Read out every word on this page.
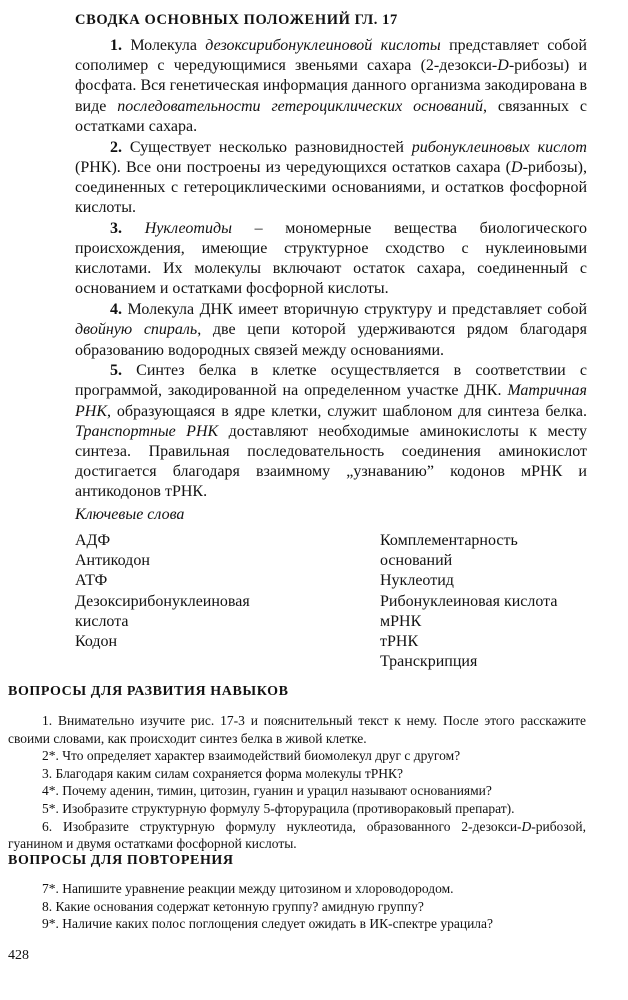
СВОДКА ОСНОВНЫХ ПОЛОЖЕНИЙ ГЛ. 17

1. Молекула дезоксирибонуклеиновой кислоты представляет собой сополимер с чередующимися звеньями сахара (2-дезокси-D-рибозы) и фосфата. Вся генетическая информация данного организма закодирована в виде последовательности гетероциклических оснований, связанных с остатками сахара.

2. Существует несколько разновидностей рибонуклеиновых кислот (РНК). Все они построены из чередующихся остатков сахара (D-рибозы), соединенных с гетероциклическими основаниями, и остатков фосфорной кислоты.

3. Нуклеотиды – мономерные вещества биологического происхождения, имеющие структурное сходство с нуклеиновыми кислотами. Их молекулы включают остаток сахара, соединенный с основанием и остатками фосфорной кислоты.

4. Молекула ДНК имеет вторичную структуру и представляет собой двойную спираль, две цепи которой удерживаются рядом благодаря образованию водородных связей между основаниями.

5. Синтез белка в клетке осуществляется в соответствии с программой, закодированной на определенном участке ДНК. Матричная РНК, образующаяся в ядре клетки, служит шаблоном для синтеза белка. Транспортные РНК доставляют необходимые аминокислоты к месту синтеза. Правильная последовательность соединения аминокислот достигается благодаря взаимному „узнаванию” кодонов мРНК и антикодонов тРНК.

Ключевые слова
АДФ
Антикодон
АТФ
Дезоксирибонуклеиновая
кислота
Кодон
Комплементарность
оснований
Нуклеотид
Рибонуклеиновая кислота
мРНК
тРНК
Транскрипция
ВОПРОСЫ ДЛЯ РАЗВИТИЯ НАВЫКОВ

1. Внимательно изучите рис. 17-3 и пояснительный текст к нему. После этого расскажите своими словами, как происходит синтез белка в живой клетке.

2*. Что определяет характер взаимодействий биомолекул друг с другом?

3. Благодаря каким силам сохраняется форма молекулы тРНК?

4*. Почему аденин, тимин, цитозин, гуанин и урацил называют основаниями?

5*. Изобразите структурную формулу 5-фторурацила (противораковый препарат).

6. Изобразите структурную формулу нуклеотида, образованного 2-дезокси-D-рибозой, гуанином и двумя остатками фосфорной кислоты.

ВОПРОСЫ ДЛЯ ПОВТОРЕНИЯ

7*. Напишите уравнение реакции между цитозином и хлороводородом.

8. Какие основания содержат кетонную группу? амидную группу?

9*. Наличие каких полос поглощения следует ожидать в ИК-спектре урацила?

428
